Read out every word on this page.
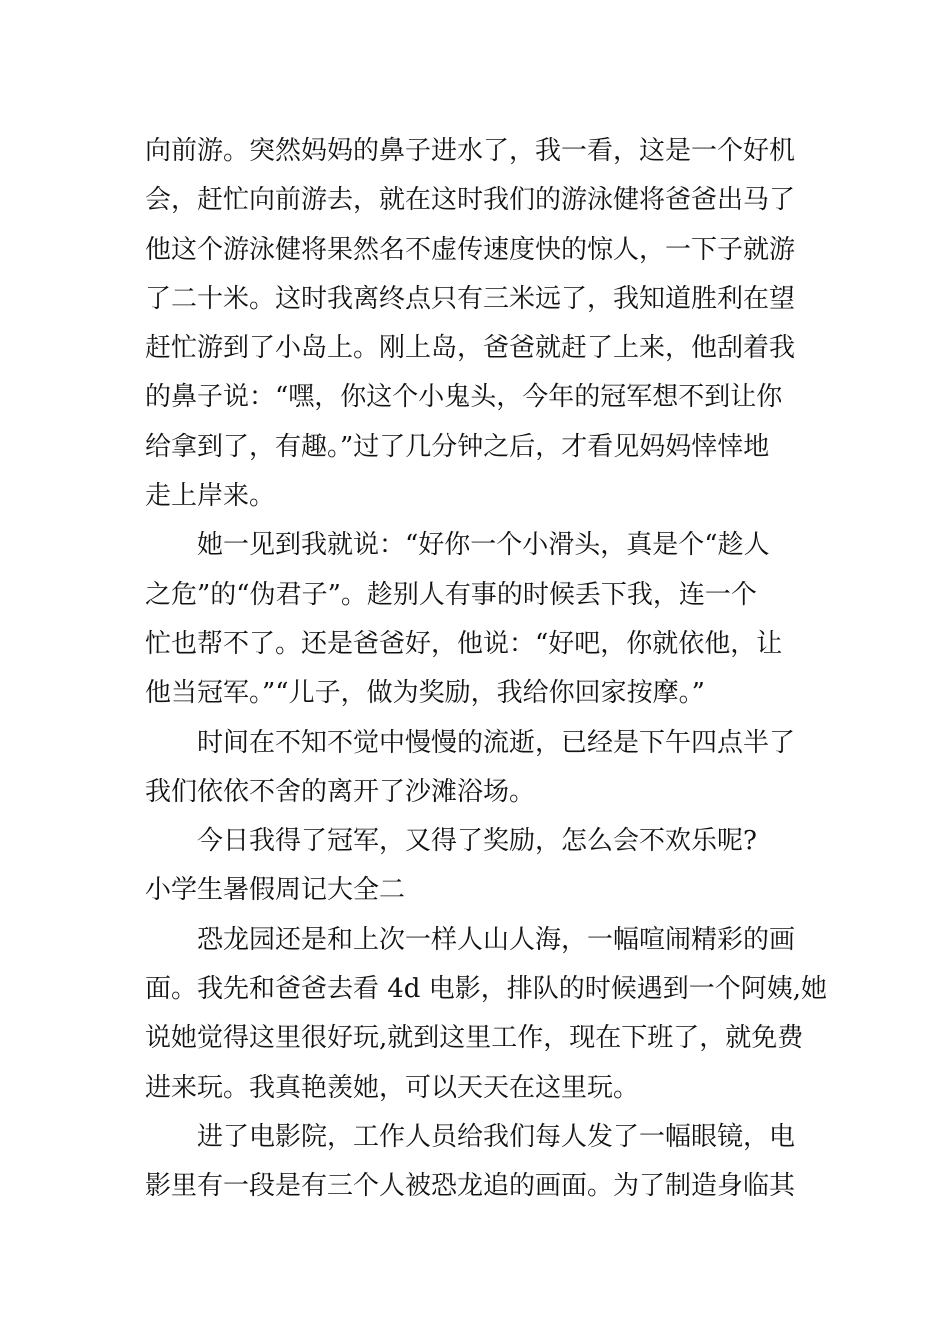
向前游。突然妈妈的鼻子进水了，我一看，这是一个好机
会，赶忙向前游去，就在这时我们的游泳健将爸爸出马了
他这个游泳健将果然名不虚传速度快的惊人，一下子就游
了二十米。这时我离终点只有三米远了，我知道胜利在望
赶忙游到了小岛上。刚上岛，爸爸就赶了上来，他刮着我
的鼻子说：“嘿，你这个小鬼头，今年的冠军想不到让你
给拿到了，有趣。”过了几分钟之后，才看见妈妈悻悻地
走上岸来。
她一见到我就说：“好你一个小滑头，真是个“趁人
之危”的“伪君子”。趁别人有事的时候丢下我，连一个
忙也帮不了。还是爸爸好，他说：“好吧，你就依他，让
他当冠军。”“儿子，做为奖励，我给你回家按摩。”
时间在不知不觉中慢慢的流逝，已经是下午四点半了
我们依依不舍的离开了沙滩浴场。
今日我得了冠军，又得了奖励，怎么会不欢乐呢?
小学生暑假周记大全二
恐龙园还是和上次一样人山人海，一幅喧闹精彩的画
面。我先和爸爸去看 4d 电影，排队的时候遇到一个阿姨,她
说她觉得这里很好玩,就到这里工作，现在下班了，就免费
进来玩。我真艳羡她，可以天天在这里玩。
进了电影院，工作人员给我们每人发了一幅眼镜，电
影里有一段是有三个人被恐龙追的画面。为了制造身临其
